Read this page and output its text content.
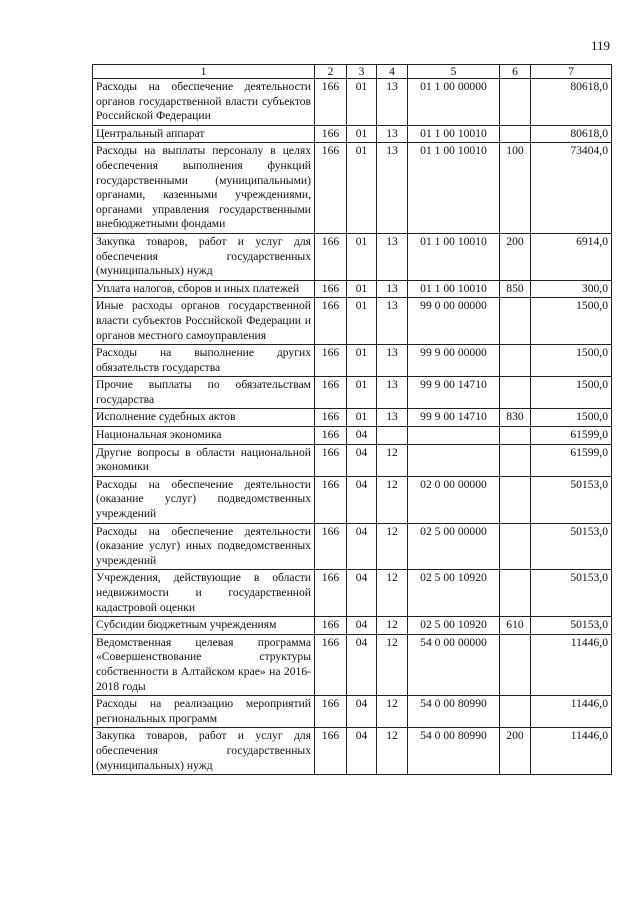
119
1	2	3	4	5	6	7
Расходы на обеспечение деятельности органов государственной власти субъектов Российской Федерации	166	01	13	01 1 00 00000		80618,0
Центральный аппарат	166	01	13	01 1 00 10010		80618,0
Расходы на выплаты персоналу в целях обеспечения выполнения функций государственными (муниципальными) органами, казенными учреждениями, органами управления государственными внебюджетными фондами	166	01	13	01 1 00 10010	100	73404,0
Закупка товаров, работ и услуг для обеспечения государственных (муниципальных) нужд	166	01	13	01 1 00 10010	200	6914,0
Уплата налогов, сборов и иных платежей	166	01	13	01 1 00 10010	850	300,0
Иные расходы органов государственной власти субъектов Российской Федерации и органов местного самоуправления	166	01	13	99 0 00 00000		1500,0
Расходы на выполнение других обязательств государства	166	01	13	99 9 00 00000		1500,0
Прочие выплаты по обязательствам государства	166	01	13	99 9 00 14710		1500,0
Исполнение судебных актов	166	01	13	99 9 00 14710	830	1500,0
Национальная экономика	166	04				61599,0
Другие вопросы в области национальной экономики	166	04	12			61599,0
Расходы на обеспечение деятельности (оказание услуг) подведомственных учреждений	166	04	12	02 0 00 00000		50153,0
Расходы на обеспечение деятельности (оказание услуг) иных подведомственных учреждений	166	04	12	02 5 00 00000		50153,0
Учреждения, действующие в области недвижимости и государственной кадастровой оценки	166	04	12	02 5 00 10920		50153,0
Субсидии бюджетным учреждениям	166	04	12	02 5 00 10920	610	50153,0
Ведомственная целевая программа «Совершенствование структуры собственности в Алтайском крае» на 2016-2018 годы	166	04	12	54 0 00 00000		11446,0
Расходы на реализацию мероприятий региональных программ	166	04	12	54 0 00 80990		11446,0
Закупка товаров, работ и услуг для обеспечения государственных (муниципальных) нужд	166	04	12	54 0 00 80990	200	11446,0
